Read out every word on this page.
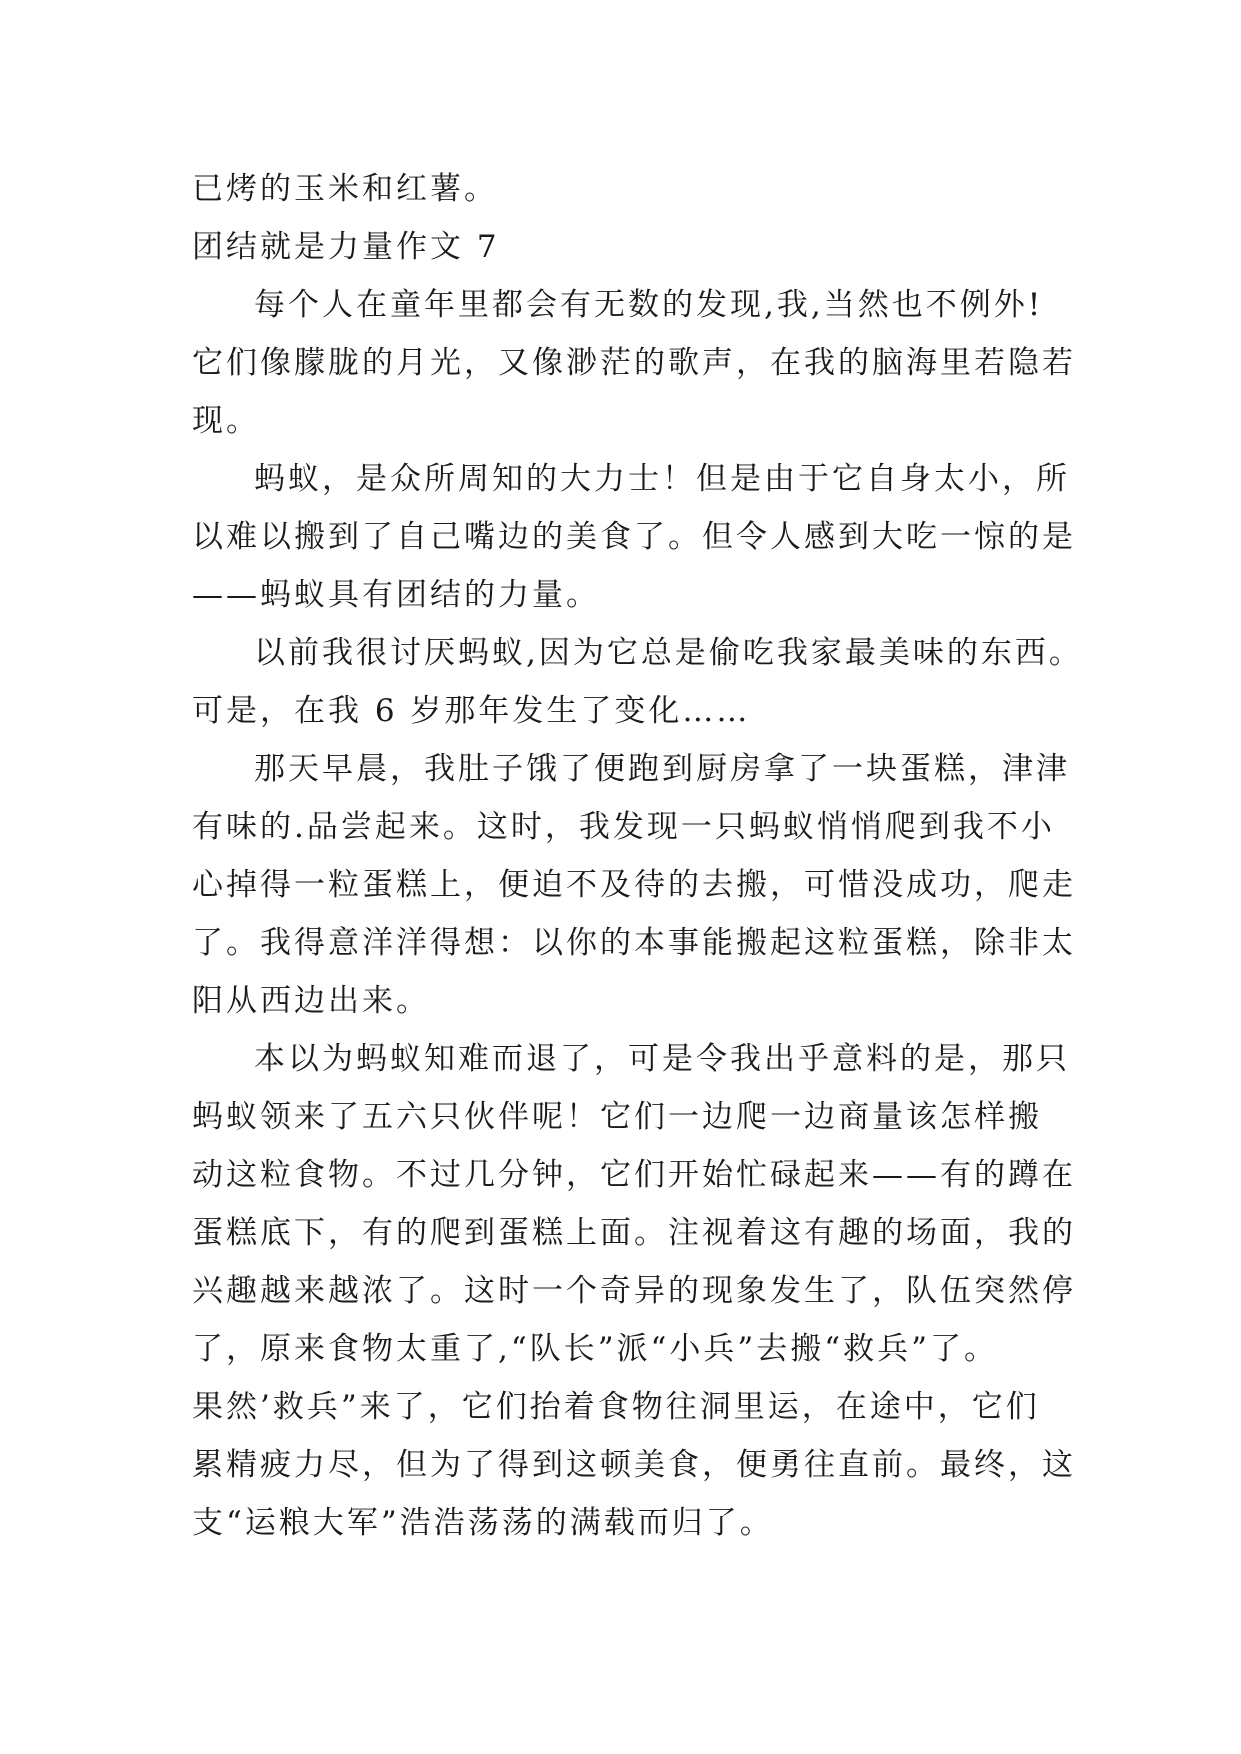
已烤的玉米和红薯。
团结就是力量作文 7
每个人在童年里都会有无数的发现,我,当然也不例外!
它们像朦胧的月光，又像渺茫的歌声，在我的脑海里若隐若
现。
蚂蚁，是众所周知的大力士！但是由于它自身太小，所
以难以搬到了自己嘴边的美食了。但令人感到大吃一惊的是
——蚂蚁具有团结的力量。
以前我很讨厌蚂蚁,因为它总是偷吃我家最美味的东西。
可是，在我 6 岁那年发生了变化……
那天早晨，我肚子饿了便跑到厨房拿了一块蛋糕，津津
有味的.品尝起来。这时，我发现一只蚂蚁悄悄爬到我不小
心掉得一粒蛋糕上，便迫不及待的去搬，可惜没成功，爬走
了。我得意洋洋得想：以你的本事能搬起这粒蛋糕，除非太
阳从西边出来。
本以为蚂蚁知难而退了，可是令我出乎意料的是，那只
蚂蚁领来了五六只伙伴呢！它们一边爬一边商量该怎样搬
动这粒食物。不过几分钟，它们开始忙碌起来——有的蹲在
蛋糕底下，有的爬到蛋糕上面。注视着这有趣的场面，我的
兴趣越来越浓了。这时一个奇异的现象发生了，队伍突然停
了，原来食物太重了,“队长”派“小兵”去搬“救兵”了。
果然’救兵”来了，它们抬着食物往洞里运，在途中，它们
累精疲力尽，但为了得到这顿美食，便勇往直前。最终，这
支“运粮大军”浩浩荡荡的满载而归了。
